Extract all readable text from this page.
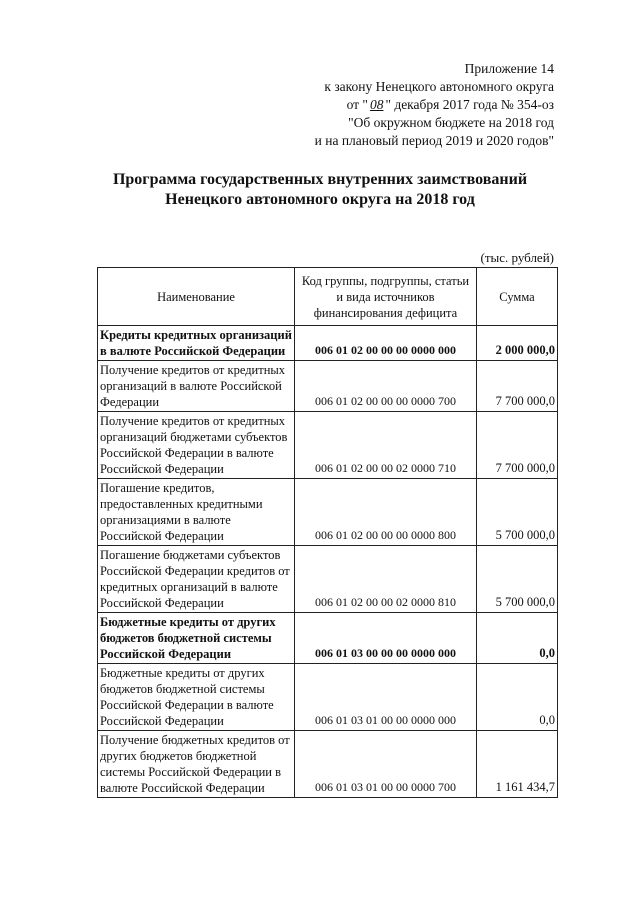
Приложение 14
к закону Ненецкого автономного округа
от " 08 " декабря 2017 года № 354-оз
"Об окружном бюджете на 2018 год
и на плановый период 2019 и 2020 годов"
Программа государственных внутренних заимствований
Ненецкого автономного округа на 2018 год
(тыс. рублей)
Наименование	Код группы, подгруппы, статьи и вида источников финансирования дефицита	Сумма
Кредиты кредитных организаций в валюте Российской Федерации	006 01 02 00 00 00 0000 000	2 000 000,0
Получение кредитов от кредитных организаций в валюте Российской Федерации	006 01 02 00 00 00 0000 700	7 700 000,0
Получение кредитов от кредитных организаций бюджетами субъектов Российской Федерации в валюте Российской Федерации	006 01 02 00 00 02 0000 710	7 700 000,0
Погашение кредитов, предоставленных кредитными организациями в валюте Российской Федерации	006 01 02 00 00 00 0000 800	5 700 000,0
Погашение бюджетами субъектов Российской Федерации кредитов от кредитных организаций в валюте Российской Федерации	006 01 02 00 00 02 0000 810	5 700 000,0
Бюджетные кредиты от других бюджетов бюджетной системы Российской Федерации	006 01 03 00 00 00 0000 000	0,0
Бюджетные кредиты от других бюджетов бюджетной системы Российской Федерации в валюте Российской Федерации	006 01 03 01 00 00 0000 000	0,0
Получение бюджетных кредитов от других бюджетов бюджетной системы Российской Федерации в валюте Российской Федерации	006 01 03 01 00 00 0000 700	1 161 434,7
